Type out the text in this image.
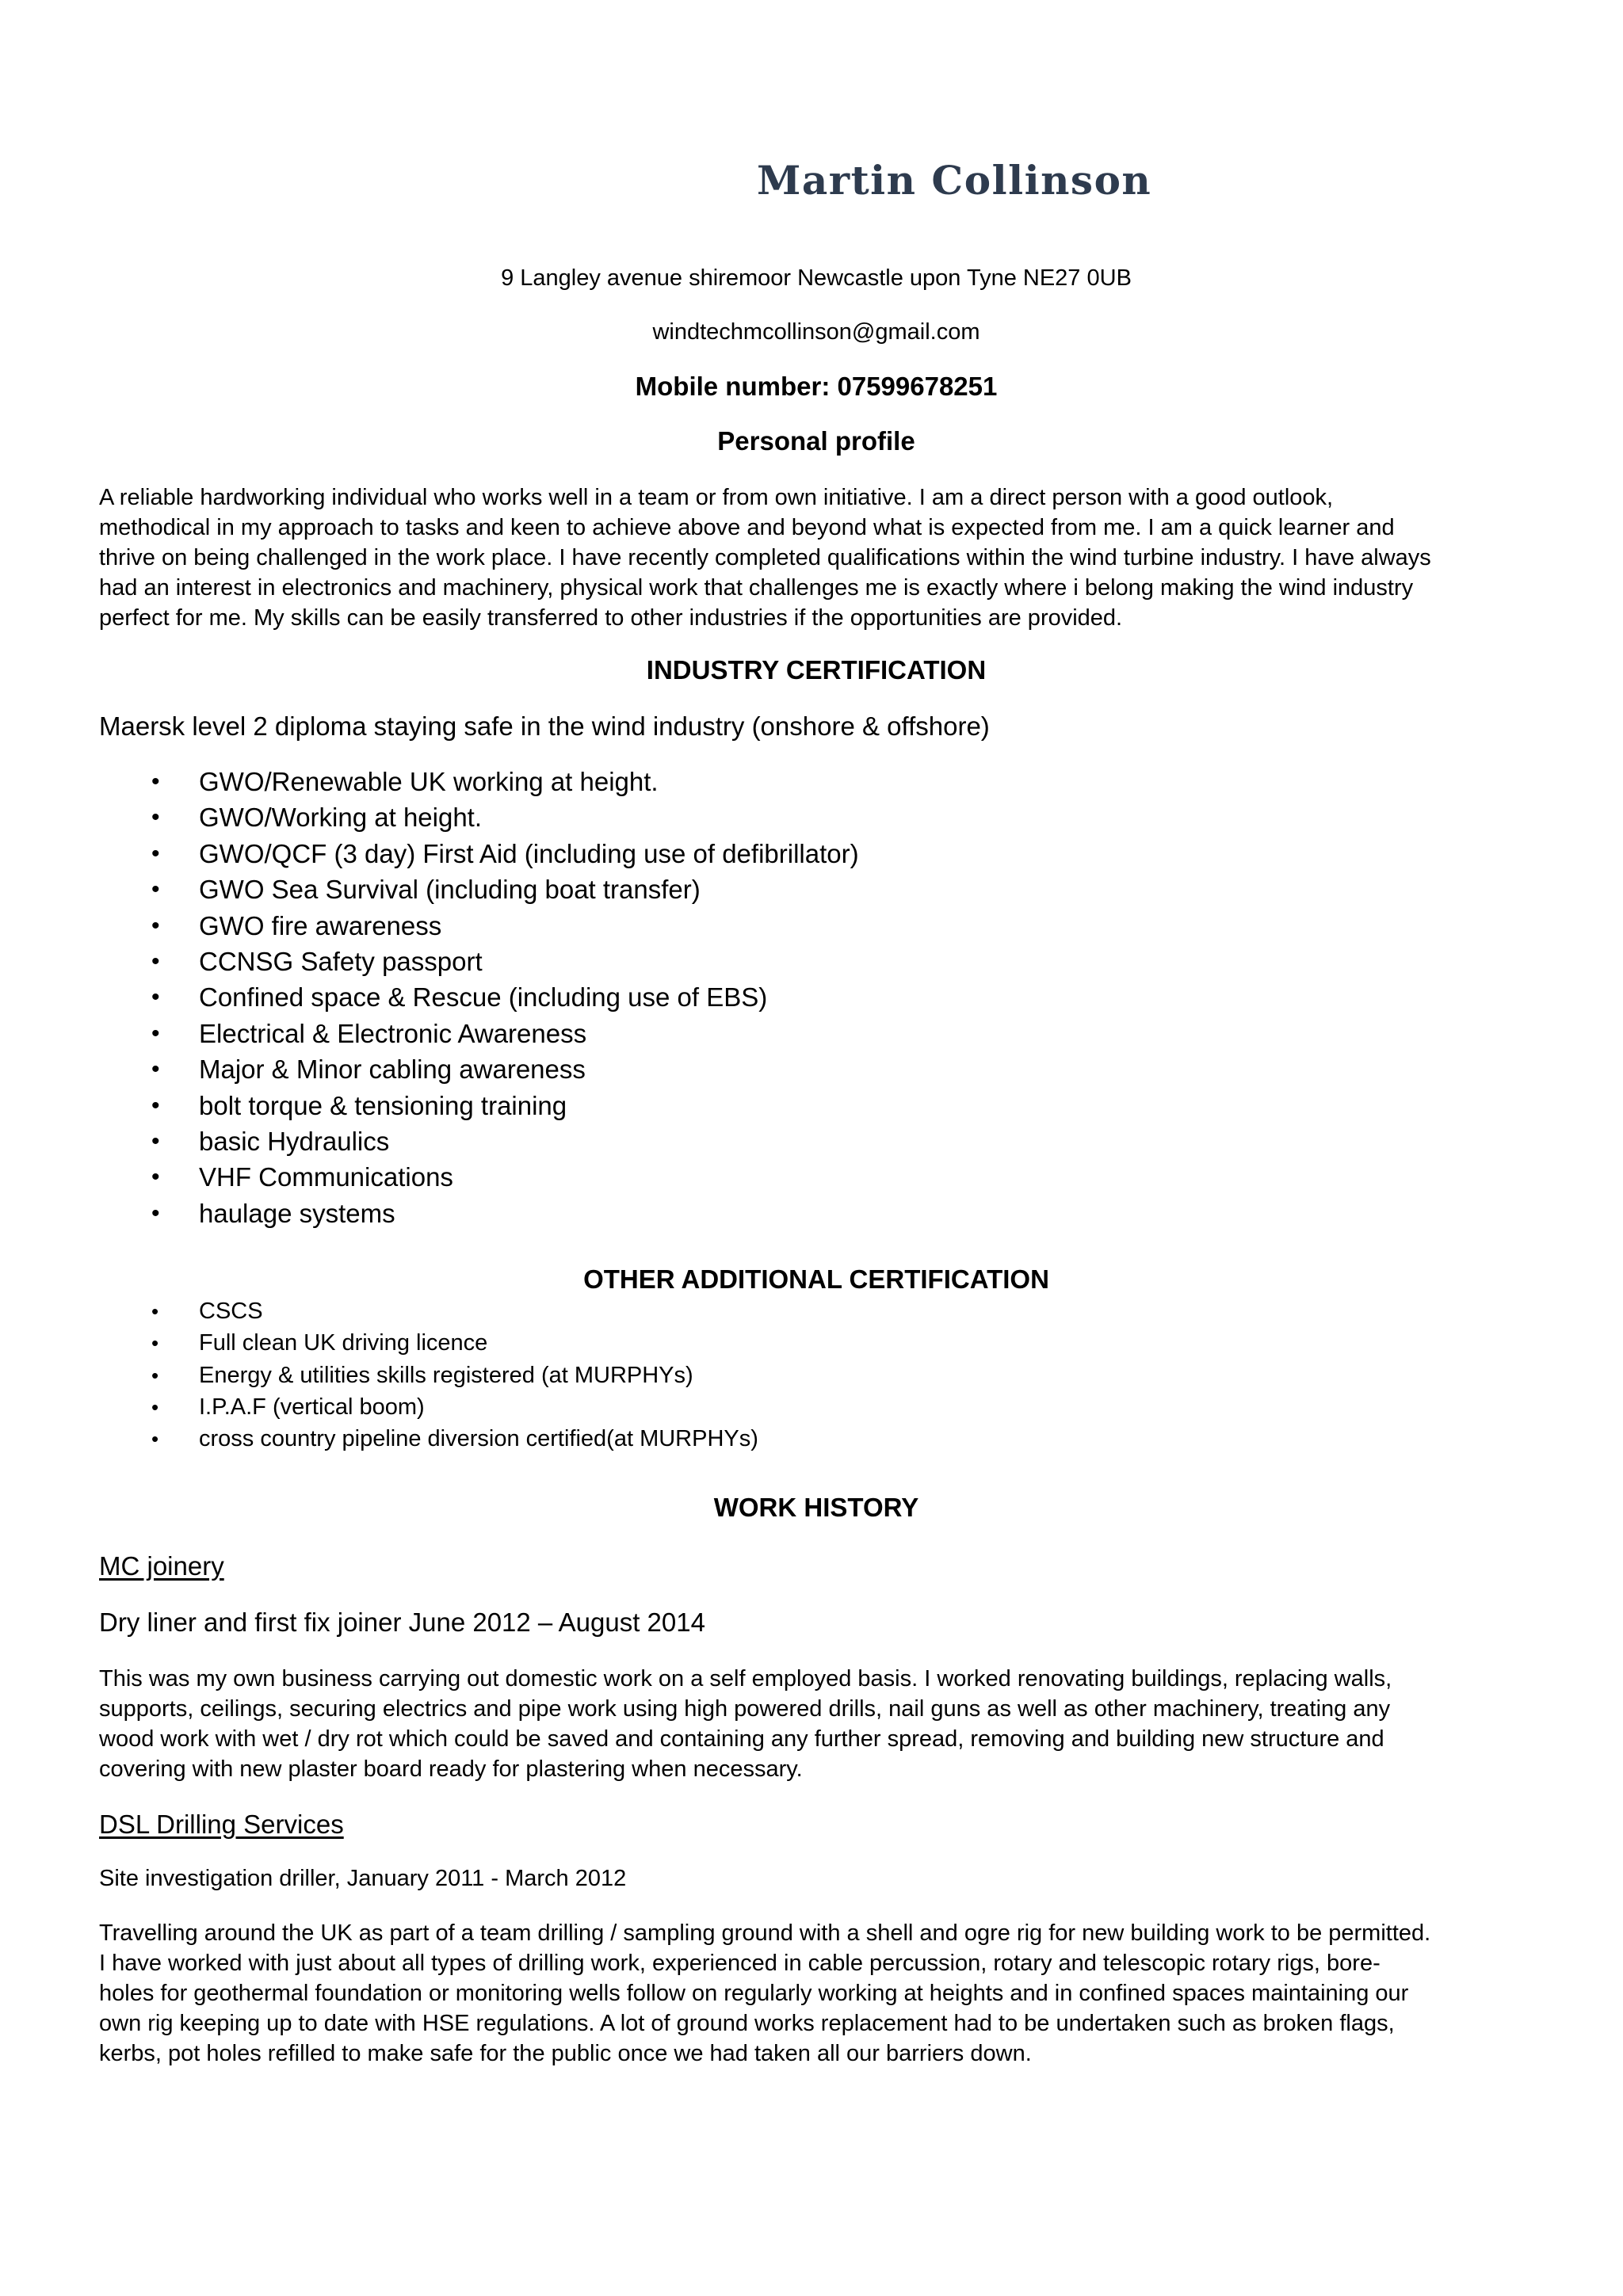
Martin Collinson
9 Langley avenue shiremoor Newcastle upon Tyne NE27 0UB
windtechmcollinson@gmail.com
Mobile number: 07599678251
Personal profile
A reliable hardworking individual who works well in a team or from own initiative. I am a direct person with a good outlook,
methodical in my approach to tasks and keen to achieve above and beyond what is expected from me. I am a quick learner and
thrive on being challenged in the work place. I have recently completed qualifications within the wind turbine industry. I have always
had an interest in electronics and machinery, physical work that challenges me is exactly where i belong making the wind industry
perfect for me. My skills can be easily transferred to other industries if the opportunities are provided.
INDUSTRY CERTIFICATION
Maersk level 2 diploma staying safe in the wind industry (onshore & offshore)
• GWO/Renewable UK working at height.
• GWO/Working at height.
• GWO/QCF (3 day) First Aid (including use of defibrillator)
• GWO Sea Survival (including boat transfer)
• GWO fire awareness
• CCNSG Safety passport
• Confined space & Rescue (including use of EBS)
• Electrical & Electronic Awareness
• Major & Minor cabling awareness
• bolt torque & tensioning training
• basic Hydraulics
• VHF Communications
• haulage systems
OTHER ADDITIONAL CERTIFICATION
• CSCS
• Full clean UK driving licence
• Energy & utilities skills registered (at MURPHYs)
• I.P.A.F (vertical boom)
• cross country pipeline diversion certified(at MURPHYs)
WORK HISTORY
MC joinery
Dry liner and first fix joiner June 2012 – August 2014
This was my own business carrying out domestic work on a self employed basis. I worked renovating buildings, replacing walls,
supports, ceilings, securing electrics and pipe work using high powered drills, nail guns as well as other machinery, treating any
wood work with wet / dry rot which could be saved and containing any further spread, removing and building new structure and
covering with new plaster board ready for plastering when necessary.
DSL Drilling Services
Site investigation driller, January 2011 - March 2012
Travelling around the UK as part of a team drilling / sampling ground with a shell and ogre rig for new building work to be permitted.
I have worked with just about all types of drilling work, experienced in cable percussion, rotary and telescopic rotary rigs, bore-
holes for geothermal foundation or monitoring wells follow on regularly working at heights and in confined spaces maintaining our
own rig keeping up to date with HSE regulations. A lot of ground works replacement had to be undertaken such as broken flags,
kerbs, pot holes refilled to make safe for the public once we had taken all our barriers down.
